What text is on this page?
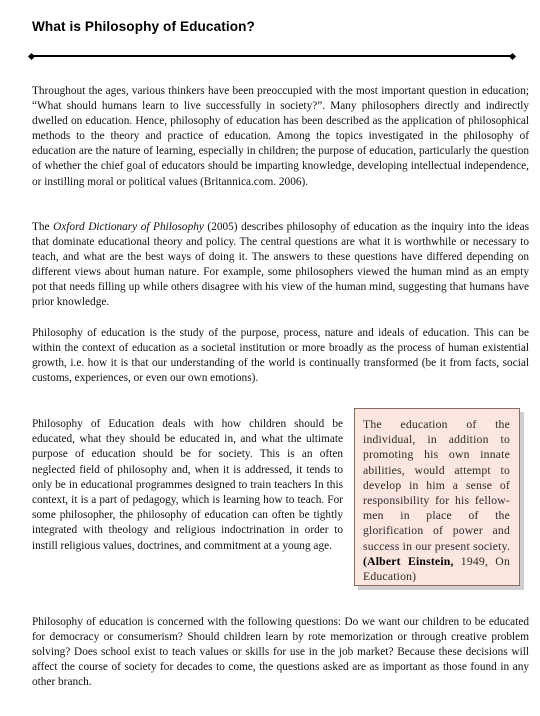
What is Philosophy of Education?

Throughout the ages, various thinkers have been preoccupied with the most important question in education; “What should humans learn to live successfully in society?”. Many philosophers directly and indirectly dwelled on education. Hence, philosophy of education has been described as the application of philosophical methods to the theory and practice of education. Among the topics investigated in the philosophy of education are the nature of learning, especially in children; the purpose of education, particularly the question of whether the chief goal of educators should be imparting knowledge, developing intellectual independence, or instilling moral or political values (Britannica.com. 2006).

The Oxford Dictionary of Philosophy (2005) describes philosophy of education as the inquiry into the ideas that dominate educational theory and policy. The central questions are what it is worthwhile or necessary to teach, and what are the best ways of doing it. The answers to these questions have differed depending on different views about human nature. For example, some philosophers viewed the human mind as an empty pot that needs filling up while others disagree with his view of the human mind, suggesting that humans have prior knowledge.

Philosophy of education is the study of the purpose, process, nature and ideals of education. This can be within the context of education as a societal institution or more broadly as the process of human existential growth, i.e. how it is that our understanding of the world is continually transformed (be it from facts, social customs, experiences, or even our own emotions).

Philosophy of Education deals with how children should be educated, what they should be educated in, and what the ultimate purpose of education should be for society. This is an often neglected field of philosophy and, when it is addressed, it tends to only be in educational programmes designed to train teachers In this context, it is a part of pedagogy, which is learning how to teach. For some philosopher, the philosophy of education can often be tightly integrated with theology and religious indoctrination in order to instill religious values, doctrines, and commitment at a young age.

The education of the individual, in addition to promoting his own innate abilities, would attempt to develop in him a sense of responsibility for his fellow-men in place of the glorification of power and success in our present society. (Albert Einstein, 1949, On Education)

Philosophy of education is concerned with the following questions: Do we want our children to be educated for democracy or consumerism? Should children learn by rote memorization or through creative problem solving? Does school exist to teach values or skills for use in the job market? Because these decisions will affect the course of society for decades to come, the questions asked are as important as those found in any other branch.
